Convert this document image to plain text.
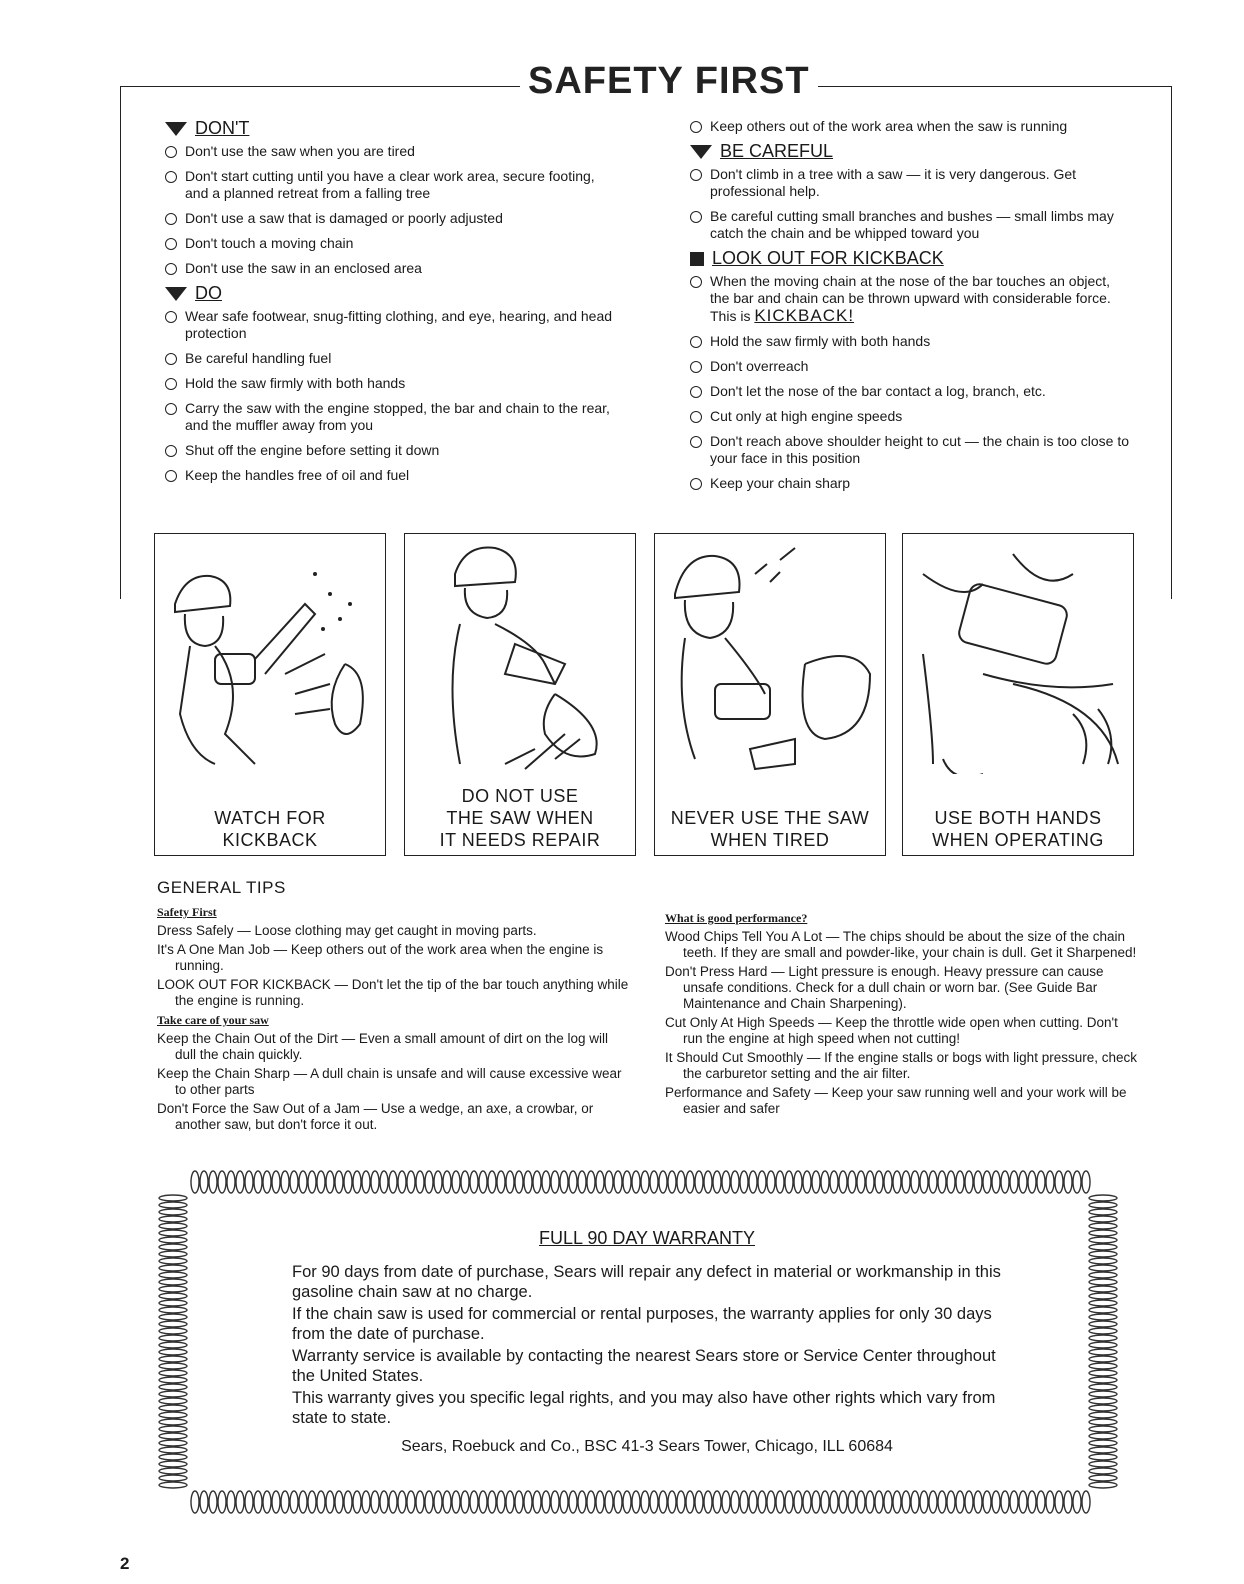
SAFETY FIRST
DON'T
Don't use the saw when you are tired
Don't start cutting until you have a clear work area, secure footing, and a planned retreat from a falling tree
Don't use a saw that is damaged or poorly adjusted
Don't touch a moving chain
Don't use the saw in an enclosed area
DO
Wear safe footwear, snug-fitting clothing, and eye, hearing, and head protection
Be careful handling fuel
Hold the saw firmly with both hands
Carry the saw with the engine stopped, the bar and chain to the rear, and the muffler away from you
Shut off the engine before setting it down
Keep the handles free of oil and fuel
Keep others out of the work area when the saw is running
BE CAREFUL
Don't climb in a tree with a saw — it is very dangerous. Get professional help.
Be careful cutting small branches and bushes — small limbs may catch the chain and be whipped toward you
LOOK OUT FOR KICKBACK
When the moving chain at the nose of the bar touches an object, the bar and chain can be thrown upward with considerable force. This is KICKBACK!
Hold the saw firmly with both hands
Don't overreach
Don't let the nose of the bar contact a log, branch, etc.
Cut only at high engine speeds
Don't reach above shoulder height to cut — the chain is too close to your face in this position
Keep your chain sharp
WATCH FOR
KICKBACK
DO NOT USE
THE SAW WHEN
IT NEEDS REPAIR
NEVER USE THE SAW
WHEN TIRED
USE BOTH HANDS
WHEN OPERATING
GENERAL TIPS
Safety First
Dress Safely — Loose clothing may get caught in moving parts.
It's A One Man Job — Keep others out of the work area when the engine is running.
LOOK OUT FOR KICKBACK — Don't let the tip of the bar touch anything while the engine is running.
Take care of your saw
Keep the Chain Out of the Dirt — Even a small amount of dirt on the log will dull the chain quickly.
Keep the Chain Sharp — A dull chain is unsafe and will cause excessive wear to other parts
Don't Force the Saw Out of a Jam — Use a wedge, an axe, a crowbar, or another saw, but don't force it out.
What is good performance?
Wood Chips Tell You A Lot — The chips should be about the size of the chain teeth. If they are small and powder-like, your chain is dull. Get it Sharpened!
Don't Press Hard — Light pressure is enough. Heavy pressure can cause unsafe conditions. Check for a dull chain or worn bar. (See Guide Bar Maintenance and Chain Sharpening).
Cut Only At High Speeds — Keep the throttle wide open when cutting. Don't run the engine at high speed when not cutting!
It Should Cut Smoothly — If the engine stalls or bogs with light pressure, check the carburetor setting and the air filter.
Performance and Safety — Keep your saw running well and your work will be easier and safer
FULL 90 DAY WARRANTY

For 90 days from date of purchase, Sears will repair any defect in material or workmanship in this gasoline chain saw at no charge.

If the chain saw is used for commercial or rental purposes, the warranty applies for only 30 days from the date of purchase.

Warranty service is available by contacting the nearest Sears store or Service Center throughout the United States.

This warranty gives you specific legal rights, and you may also have other rights which vary from state to state.

Sears, Roebuck and Co., BSC 41-3 Sears Tower, Chicago, ILL 60684
2
